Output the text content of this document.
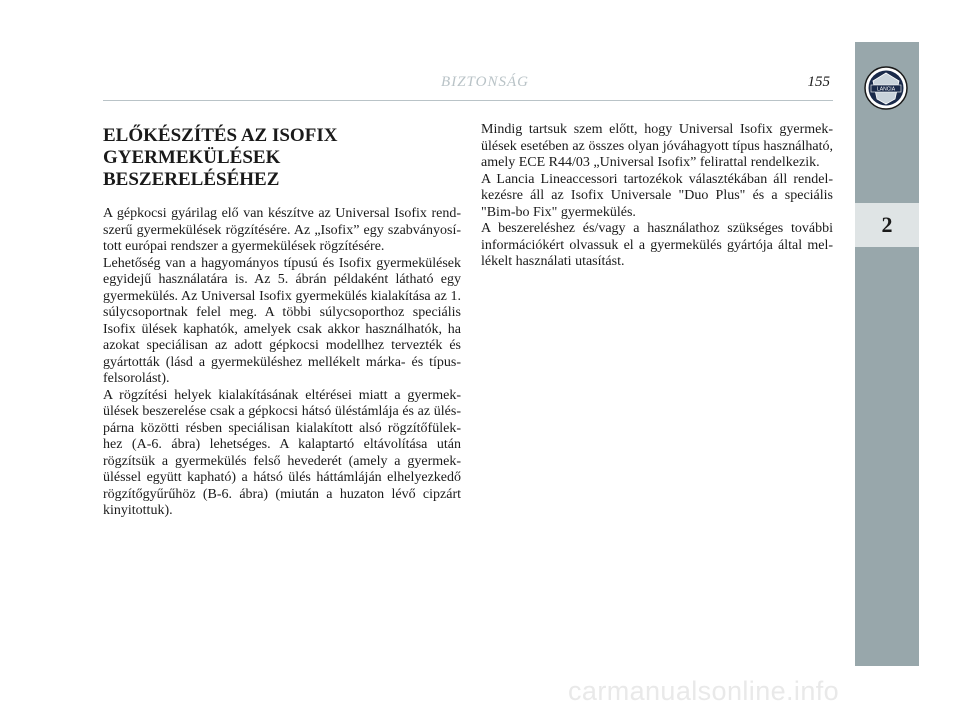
BIZTONSÁG	155	LANCIA
2
ELŐKÉSZÍTÉS AZ ISOFIX
GYERMEKÜLÉSEK
BESZERELÉSÉHEZ

A gépkocsi gyárilag elő van készítve az Universal Isofix rend-szerű gyermekülések rögzítésére. Az „Isofix” egy szabványosí-tott európai rendszer a gyermekülések rögzítésére.

Lehetőség van a hagyományos típusú és Isofix gyermekülések egyidejű használatára is. Az 5. ábrán példaként látható egy gyermekülés. Az Universal Isofix gyermekülés kialakítása az 1. súlycsoportnak felel meg. A többi súlycsoporthoz speciális Isofix ülések kaphatók, amelyek csak akkor használhatók, ha azokat speciálisan az adott gépkocsi modellhez tervezték és gyártották (lásd a gyermeküléshez mellékelt márka- és típus-felsorolást).

A rögzítési helyek kialakításának eltérései miatt a gyermek-ülések beszerelése csak a gépkocsi hátsó üléstámlája és az ülés-párna közötti résben speciálisan kialakított alsó rögzítőfülek-hez (A-6. ábra) lehetséges. A kalaptartó eltávolítása után rögzítsük a gyermekülés felső hevederét (amely a gyermek-üléssel együtt kapható) a hátsó ülés háttámláján elhelyezkedő rögzítőgyűrűhöz (B-6. ábra) (miután a huzaton lévő cipzárt kinyitottuk).

Mindig tartsuk szem előtt, hogy Universal Isofix gyermek-ülések esetében az összes olyan jóváhagyott típus használható, amely ECE R44/03 „Universal Isofix” felirattal rendelkezik.

A Lancia Lineaccessori tartozékok választékában áll rendel-kezésre áll az Isofix Universale "Duo Plus" és a speciális "Bim-bo Fix" gyermekülés.

A beszereléshez és/vagy a használathoz szükséges további információkért olvassuk el a gyermekülés gyártója által mel-lékelt használati utasítást.

carmanualsonline.info
